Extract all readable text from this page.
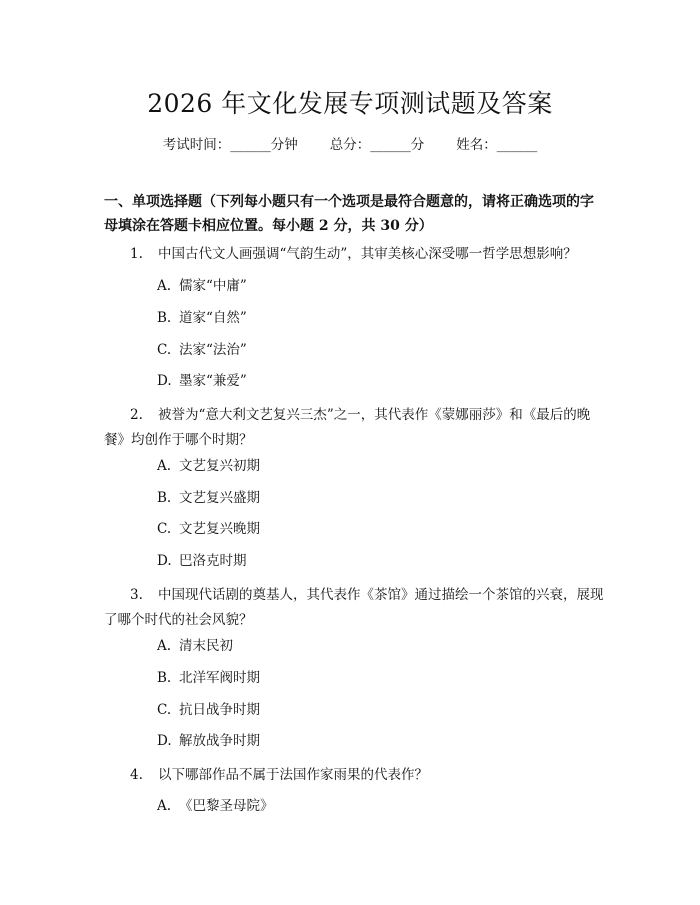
2026 年文化发展专项测试题及答案
考试时间：______分钟 总分：______分 姓名：______
一、单项选择题（下列每小题只有一个选项是最符合题意的，请将正确选项的字
母填涂在答题卡相应位置。每小题 2 分，共 30 分）
1. 中国古代文人画强调“气韵生动”，其审美核心深受哪一哲学思想影响？
A. 儒家“中庸”
B. 道家“自然”
C. 法家“法治”
D. 墨家“兼爱”
2. 被誉为“意大利文艺复兴三杰”之一，其代表作《蒙娜丽莎》和《最后的晚餐》均创作于哪个时期？
A. 文艺复兴初期
B. 文艺复兴盛期
C. 文艺复兴晚期
D. 巴洛克时期
3. 中国现代话剧的奠基人，其代表作《茶馆》通过描绘一个茶馆的兴衰，展现了哪个时代的社会风貌？
A. 清末民初
B. 北洋军阀时期
C. 抗日战争时期
D. 解放战争时期
4. 以下哪部作品不属于法国作家雨果的代表作？
A. 《巴黎圣母院》
